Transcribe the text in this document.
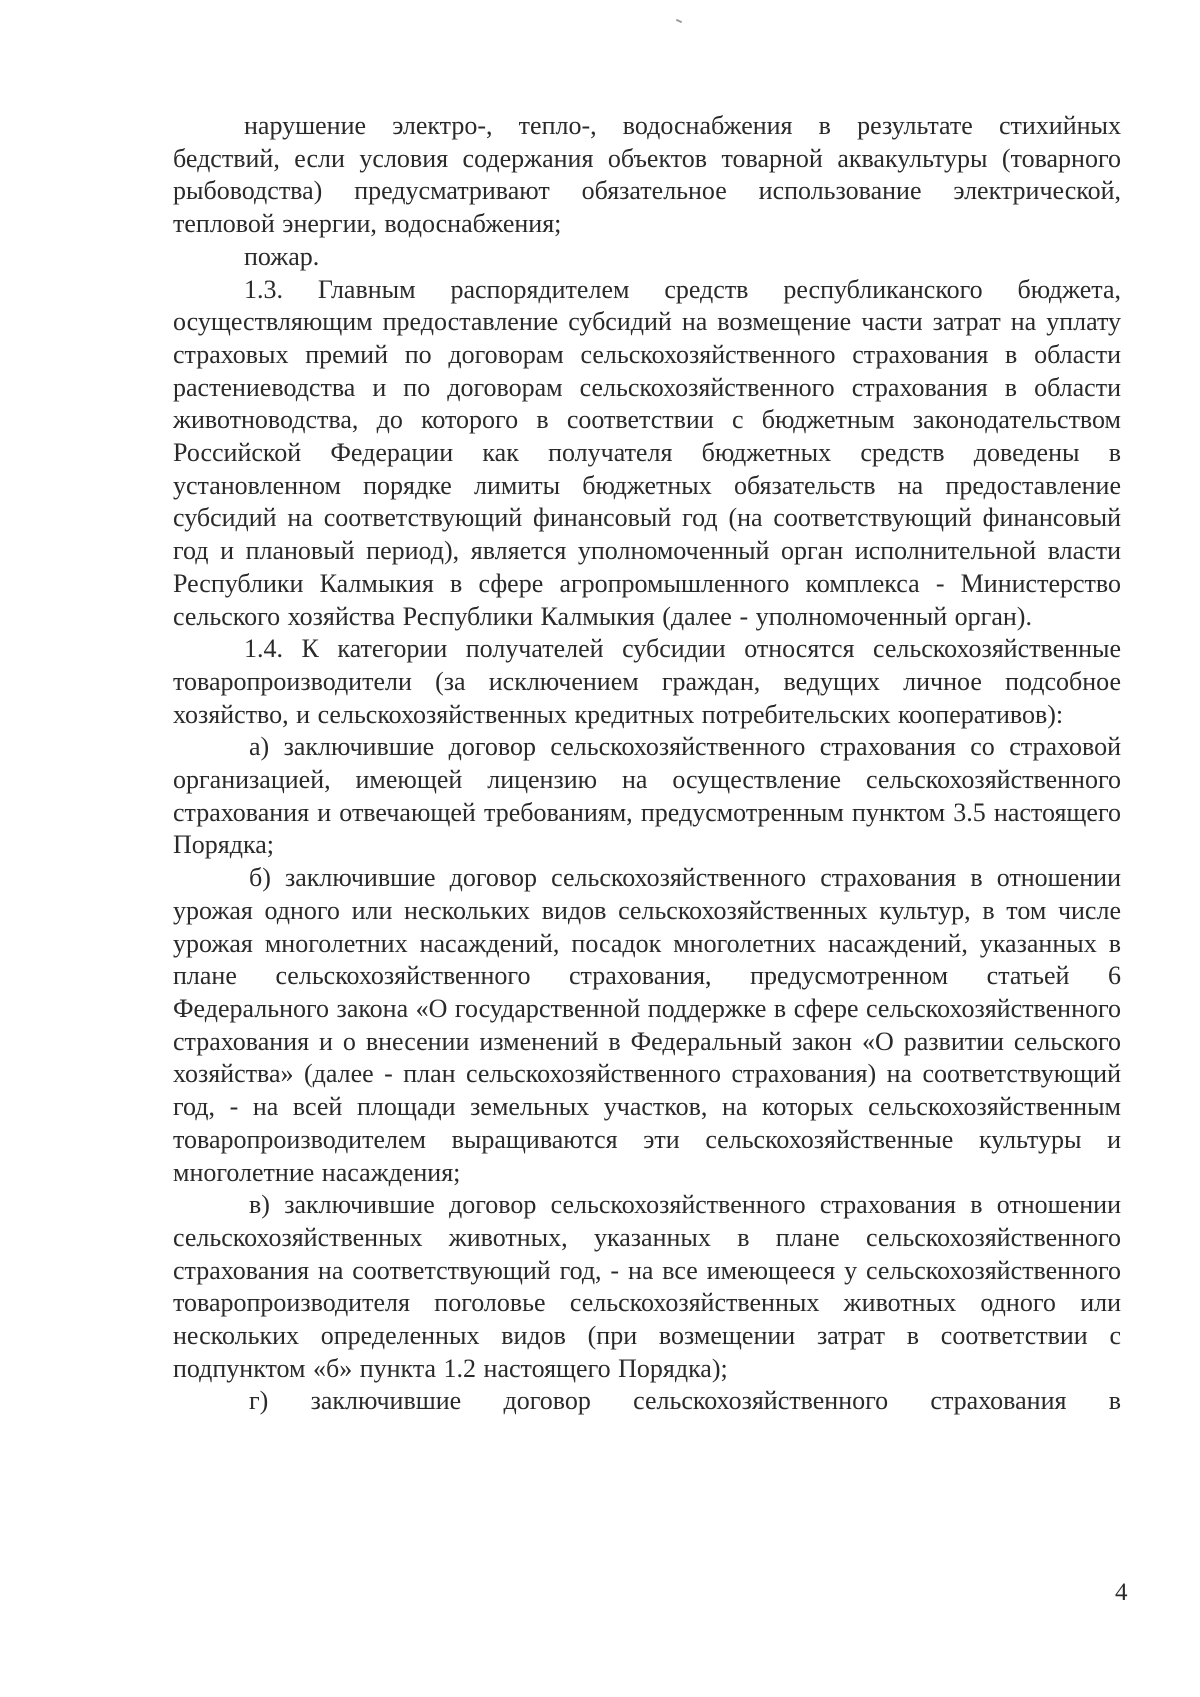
нарушение электро-, тепло-, водоснабжения в результате стихийных бедствий, если условия содержания объектов товарной аквакультуры (товарного рыбоводства) предусматривают обязательное использование электрической, тепловой энергии, водоснабжения;

пожар.

1.3. Главным распорядителем средств республиканского бюджета, осуществляющим предоставление субсидий на возмещение части затрат на уплату страховых премий по договорам сельскохозяйственного страхования в области растениеводства и по договорам сельскохозяйственного страхования в области животноводства, до которого в соответствии с бюджетным законодательством Российской Федерации как получателя бюджетных средств доведены в установленном порядке лимиты бюджетных обязательств на предоставление субсидий на соответствующий финансовый год (на соответствующий финансовый год и плановый период), является уполномоченный орган исполнительной власти Республики Калмыкия в сфере агропромышленного комплекса - Министерство сельского хозяйства Республики Калмыкия (далее - уполномоченный орган).

1.4. К категории получателей субсидии относятся сельскохозяйственные товаропроизводители (за исключением граждан, ведущих личное подсобное хозяйство, и сельскохозяйственных кредитных потребительских кооперативов):

а) заключившие договор сельскохозяйственного страхования со страховой организацией, имеющей лицензию на осуществление сельскохозяйственного страхования и отвечающей требованиям, предусмотренным пунктом 3.5 настоящего Порядка;

б) заключившие договор сельскохозяйственного страхования в отношении урожая одного или нескольких видов сельскохозяйственных культур, в том числе урожая многолетних насаждений, посадок многолетних насаждений, указанных в плане сельскохозяйственного страхования, предусмотренном статьей 6 Федерального закона «О государственной поддержке в сфере сельскохозяйственного страхования и о внесении изменений в Федеральный закон «О развитии сельского хозяйства» (далее - план сельскохозяйственного страхования) на соответствующий год, - на всей площади земельных участков, на которых сельскохозяйственным товаропроизводителем выращиваются эти сельскохозяйственные культуры и многолетние насаждения;

в) заключившие договор сельскохозяйственного страхования в отношении сельскохозяйственных животных, указанных в плане сельскохозяйственного страхования на соответствующий год, - на все имеющееся у сельскохозяйственного товаропроизводителя поголовье сельскохозяйственных животных одного или нескольких определенных видов (при возмещении затрат в соответствии с подпунктом «б» пункта 1.2 настоящего Порядка);

г) заключившие договор сельскохозяйственного страхования в

4
